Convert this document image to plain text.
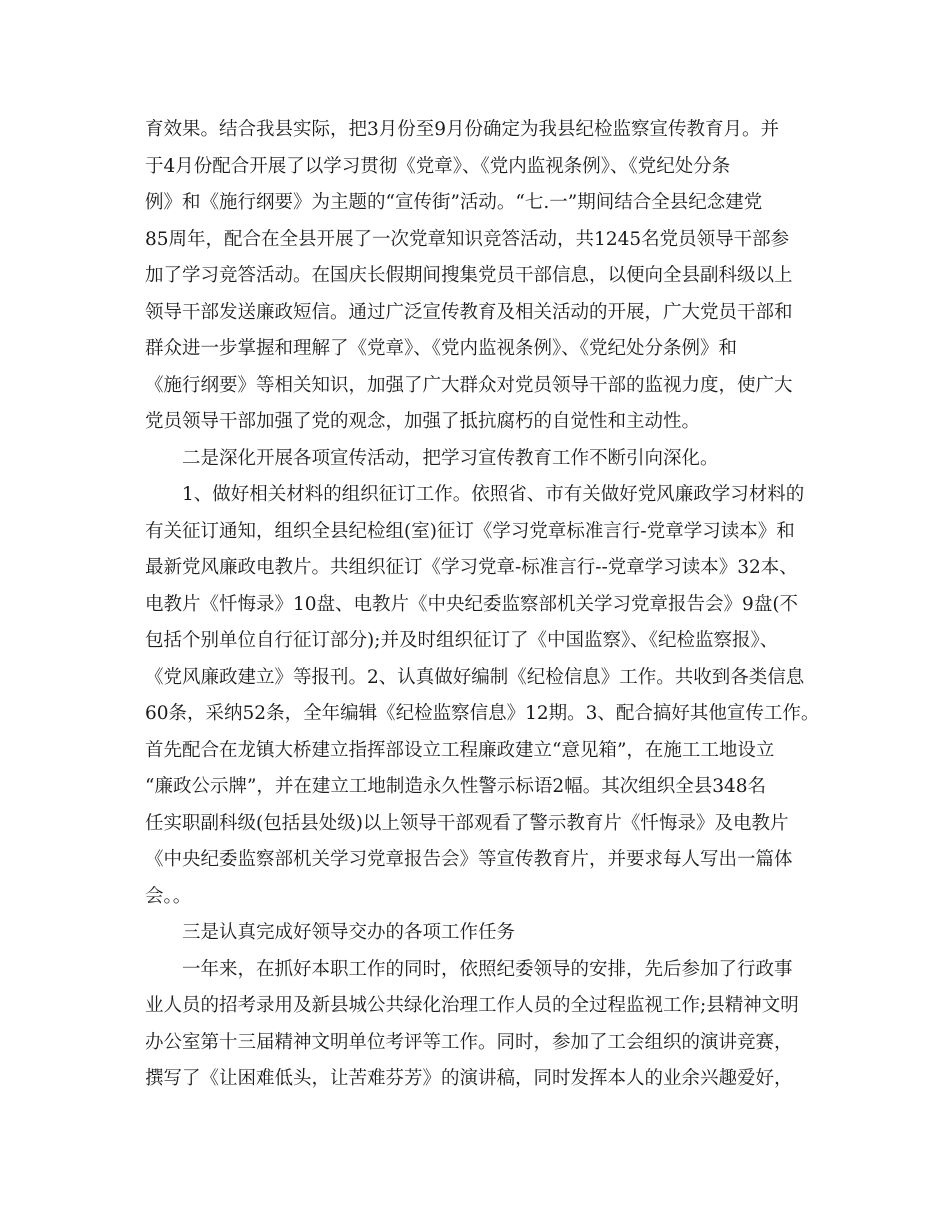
育效果。结合我县实际，把3月份至9月份确定为我县纪检监察宣传教育月。并
于4月份配合开展了以学习贯彻《党章》、《党内监视条例》、《党纪处分条
例》和《施行纲要》为主题的“宣传街”活动。“七.一”期间结合全县纪念建党
85周年，配合在全县开展了一次党章知识竞答活动，共1245名党员领导干部参
加了学习竞答活动。在国庆长假期间搜集党员干部信息，以便向全县副科级以上
领导干部发送廉政短信。通过广泛宣传教育及相关活动的开展，广大党员干部和
群众进一步掌握和理解了《党章》、《党内监视条例》、《党纪处分条例》和
《施行纲要》等相关知识，加强了广大群众对党员领导干部的监视力度，使广大
党员领导干部加强了党的观念，加强了抵抗腐朽的自觉性和主动性。
二是深化开展各项宣传活动，把学习宣传教育工作不断引向深化。
1、做好相关材料的组织征订工作。依照省、市有关做好党风廉政学习材料的
有关征订通知，组织全县纪检组(室)征订《学习党章标准言行-党章学习读本》和
最新党风廉政电教片。共组织征订《学习党章-标准言行--党章学习读本》32本、
电教片《忏悔录》10盘、电教片《中央纪委监察部机关学习党章报告会》9盘(不
包括个别单位自行征订部分);并及时组织征订了《中国监察》、《纪检监察报》、
《党风廉政建立》等报刊。2、认真做好编制《纪检信息》工作。共收到各类信息
60条，采纳52条，全年编辑《纪检监察信息》12期。3、配合搞好其他宣传工作。
首先配合在龙镇大桥建立指挥部设立工程廉政建立“意见箱”，在施工工地设立
“廉政公示牌”，并在建立工地制造永久性警示标语2幅。其次组织全县348名
任实职副科级(包括县处级)以上领导干部观看了警示教育片《忏悔录》及电教片
《中央纪委监察部机关学习党章报告会》等宣传教育片，并要求每人写出一篇体
会。。
三是认真完成好领导交办的各项工作任务
一年来，在抓好本职工作的同时，依照纪委领导的安排，先后参加了行政事
业人员的招考录用及新县城公共绿化治理工作人员的全过程监视工作;县精神文明
办公室第十三届精神文明单位考评等工作。同时，参加了工会组织的演讲竞赛，
撰写了《让困难低头，让苦难芬芳》的演讲稿，同时发挥本人的业余兴趣爱好，
